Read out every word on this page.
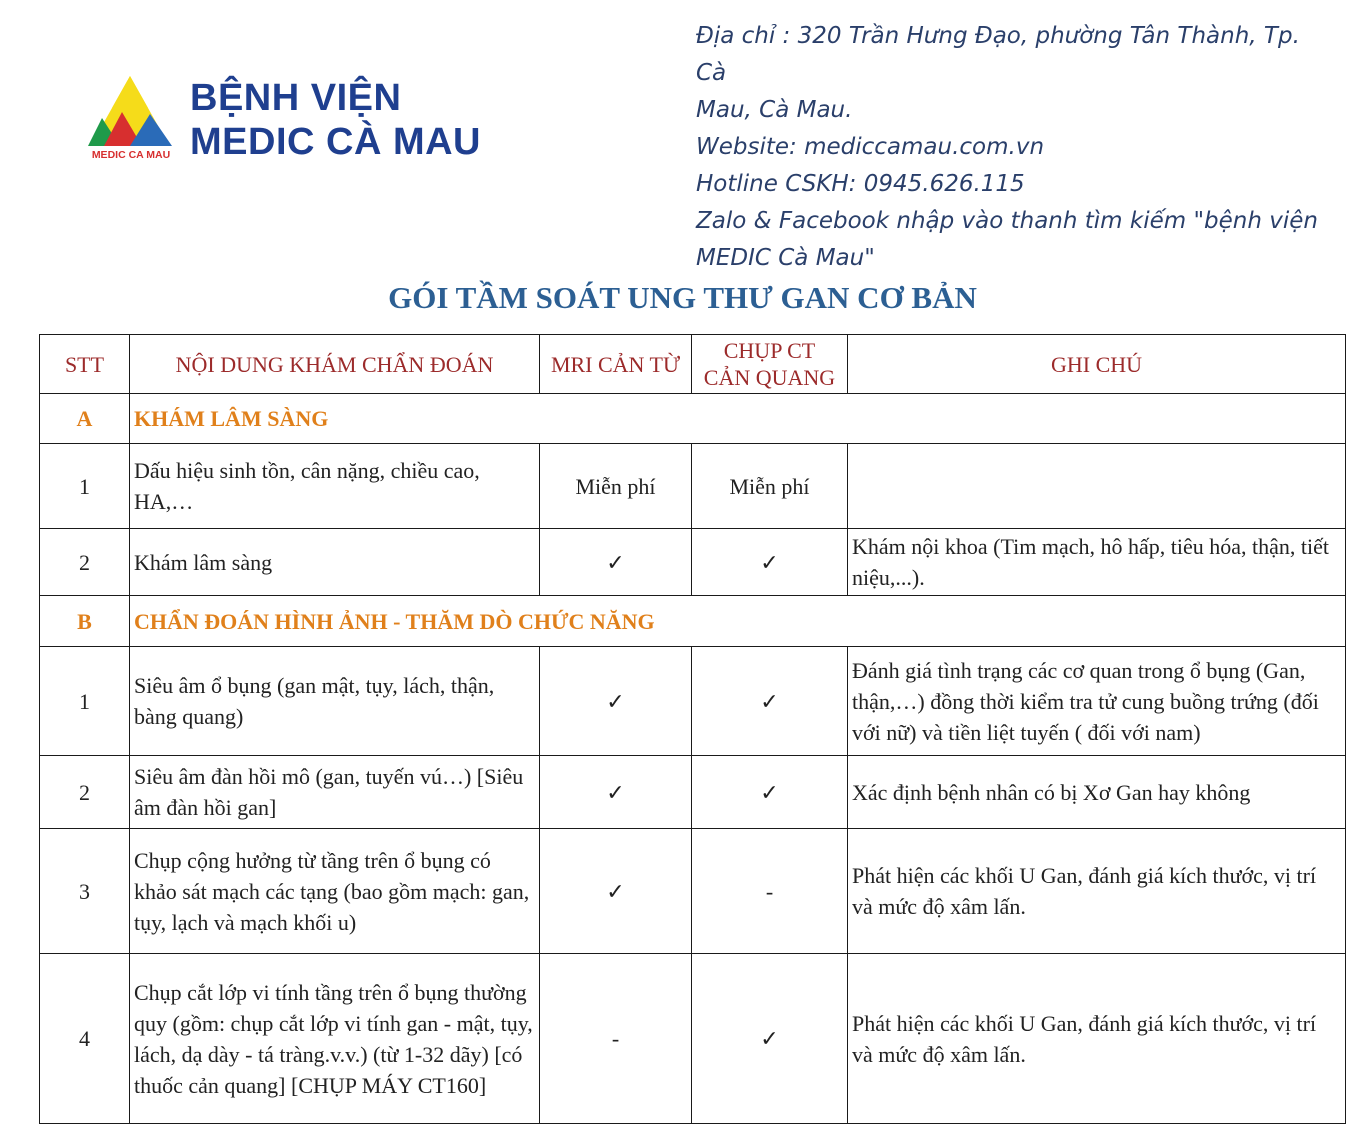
MEDIC CA MAU
BỆNH VIỆN
MEDIC CÀ MAU
Địa chỉ : 320 Trần Hưng Đạo, phường Tân Thành, Tp. Cà
Mau, Cà Mau.
Website: mediccamau.com.vn
Hotline CSKH: 0945.626.115
Zalo & Facebook nhập vào thanh tìm kiếm "bệnh viện
MEDIC Cà Mau"
GÓI TẦM SOÁT UNG THƯ GAN CƠ BẢN
STT	NỘI DUNG KHÁM CHẨN ĐOÁN	MRI CẢN TỪ	CHỤP CT
CẢN QUANG	GHI CHÚ
A	KHÁM LÂM SÀNG			
1	Dấu hiệu sinh tồn, cân nặng, chiều cao, HA,…	Miễn phí	Miễn phí	
2	Khám lâm sàng	✓	✓	Khám nội khoa (Tim mạch, hô hấp, tiêu hóa, thận, tiết niệu,...).
B	CHẨN ĐOÁN HÌNH ẢNH - THĂM DÒ CHỨC NĂNG			
1	Siêu âm ổ bụng (gan mật, tụy, lách, thận, bàng quang)	✓	✓	Đánh giá tình trạng các cơ quan trong ổ bụng (Gan, thận,…) đồng thời kiểm tra tử cung buồng trứng (đối với nữ) và tiền liệt tuyến ( đối với nam)
2	Siêu âm đàn hồi mô (gan, tuyến vú…) [Siêu âm đàn hồi gan]	✓	✓	Xác định bệnh nhân có bị Xơ Gan hay không
3	Chụp cộng hưởng từ tầng trên ổ bụng có khảo sát mạch các tạng (bao gồm mạch: gan, tụy, lạch và mạch khối u)	✓	-	Phát hiện các khối U Gan, đánh giá kích thước, vị trí và mức độ xâm lấn.
4	Chụp cắt lớp vi tính tầng trên ổ bụng thường quy (gồm: chụp cắt lớp vi tính gan - mật, tụy, lách, dạ dày - tá tràng.v.v.) (từ 1-32 dãy) [có thuốc cản quang] [CHỤP MÁY CT160]	-	✓	Phát hiện các khối U Gan, đánh giá kích thước, vị trí và mức độ xâm lấn.
